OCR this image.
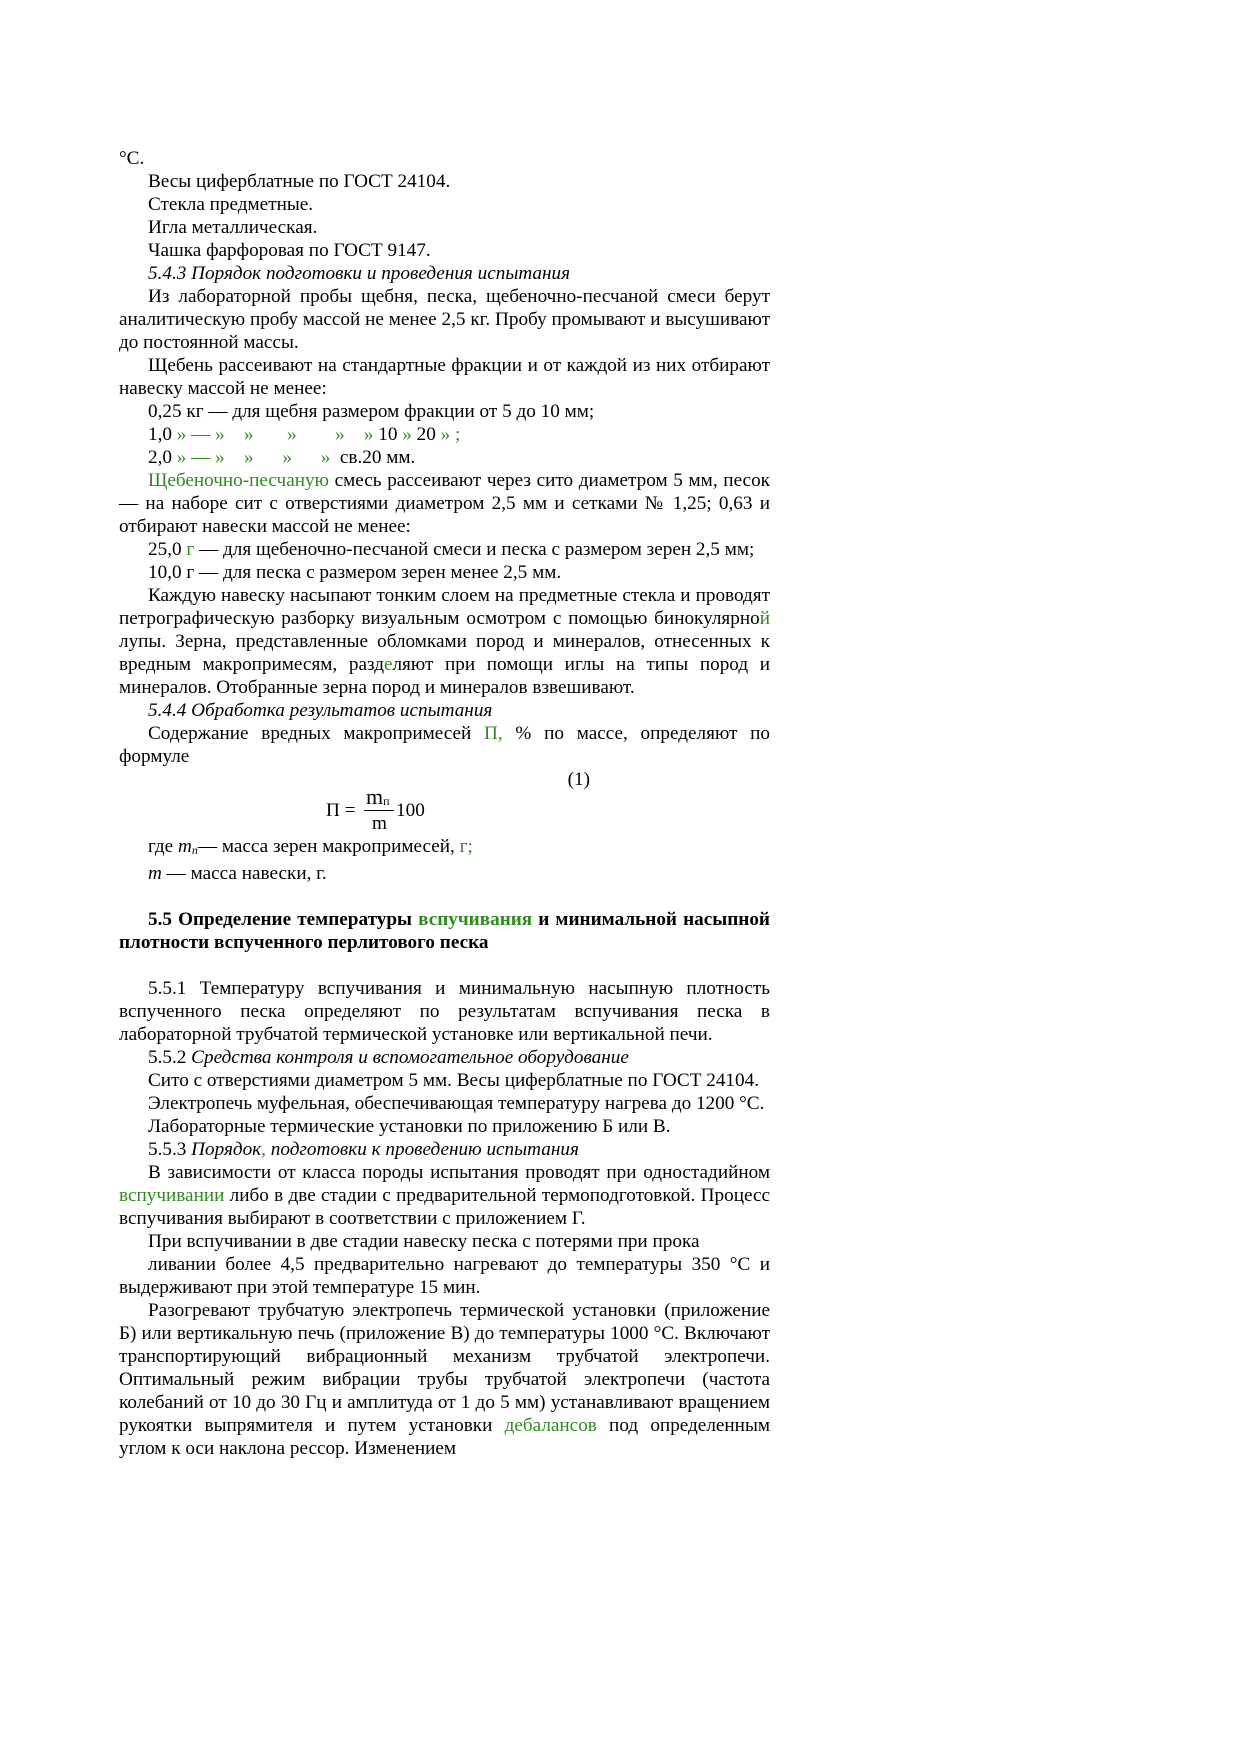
°С.

Весы циферблатные по ГОСТ 24104.

Стекла предметные.

Игла металлическая.

Чашка фарфоровая по ГОСТ 9147.

5.4.3 Порядок подготовки и проведения испытания

Из лабораторной пробы щебня, песка, щебеночно-песчаной смеси берут аналитическую пробу массой не менее 2,5 кг. Пробу промывают и высушивают до постоянной массы.

Щебень рассеивают на стандартные фракции и от каждой из них отбирают навеску массой не менее:

0,25 кг — для щебня размером фракции от 5 до 10 мм;

1,0 » — »    »       »        »    » 10 » 20 » ;

2,0 » — »    »      »      »  св.20 мм.

Щебеночно-песчаную смесь рассеивают через сито диаметром 5 мм, песок — на наборе сит с отверстиями диаметром 2,5 мм и сетками № 1,25; 0,63 и отбирают навески массой не менее:

25,0 г — для щебеночно-песчаной смеси и песка с размером зерен 2,5 мм;

10,0 г — для песка с размером зерен менее 2,5 мм.

Каждую навеску насыпают тонким слоем на предметные стекла и проводят петрографическую разборку визуальным осмотром с помощью бинокулярной лупы. Зерна, представленные обломками пород и минералов, отнесенных к вредным макропримесям, разделяют при помощи иглы на типы пород и минералов. Отобранные зерна пород и минералов взвешивают.

5.4.4 Обработка результатов испытания

Содержание вредных макропримесей П, % по массе, определяют по формуле

(1)

П =
$m_п$
m
100

где $m_п—$ масса зерен макропримесей, г;

m — масса навески, г.

5.5 Определение температуры вспучивания и минимальной насыпной плотности вспученного перлитового песка

5.5.1 Температуру вспучивания и минимальную насыпную плотность вспученного песка определяют по результатам вспучивания песка в лабораторной трубчатой термической установке или вертикальной печи.

5.5.2 Средства контроля и вспомогательное оборудование

Сито с отверстиями диаметром 5 мм. Весы циферблатные по ГОСТ 24104.

Электропечь муфельная, обеспечивающая температуру нагрева до 1200 °С.

Лабораторные термические установки по приложению Б или В.

5.5.3 Порядок, подготовки к проведению испытания

В зависимости от класса породы испытания проводят при одностадийном вспучивании либо в две стадии с предварительной термоподготовкой. Процесс вспучивания выбирают в соответствии с приложением Г.

При вспучивании в две стадии навеску песка с потерями при прока

ливании более 4,5 предварительно нагревают до температуры 350 °С и выдерживают при этой температуре 15 мин.

Разогревают трубчатую электропечь термической установки (приложение Б) или вертикальную печь (приложение В) до температуры 1000 °С. Включают транспортирующий вибрационный механизм трубчатой электропечи. Оптимальный режим вибрации трубы трубчатой электропечи (частота колебаний от 10 до 30 Гц и амплитуда от 1 до 5 мм) устанавливают вращением рукоятки выпрямителя и путем установки дебалансов под определенным углом к оси наклона рессор. Изменением
